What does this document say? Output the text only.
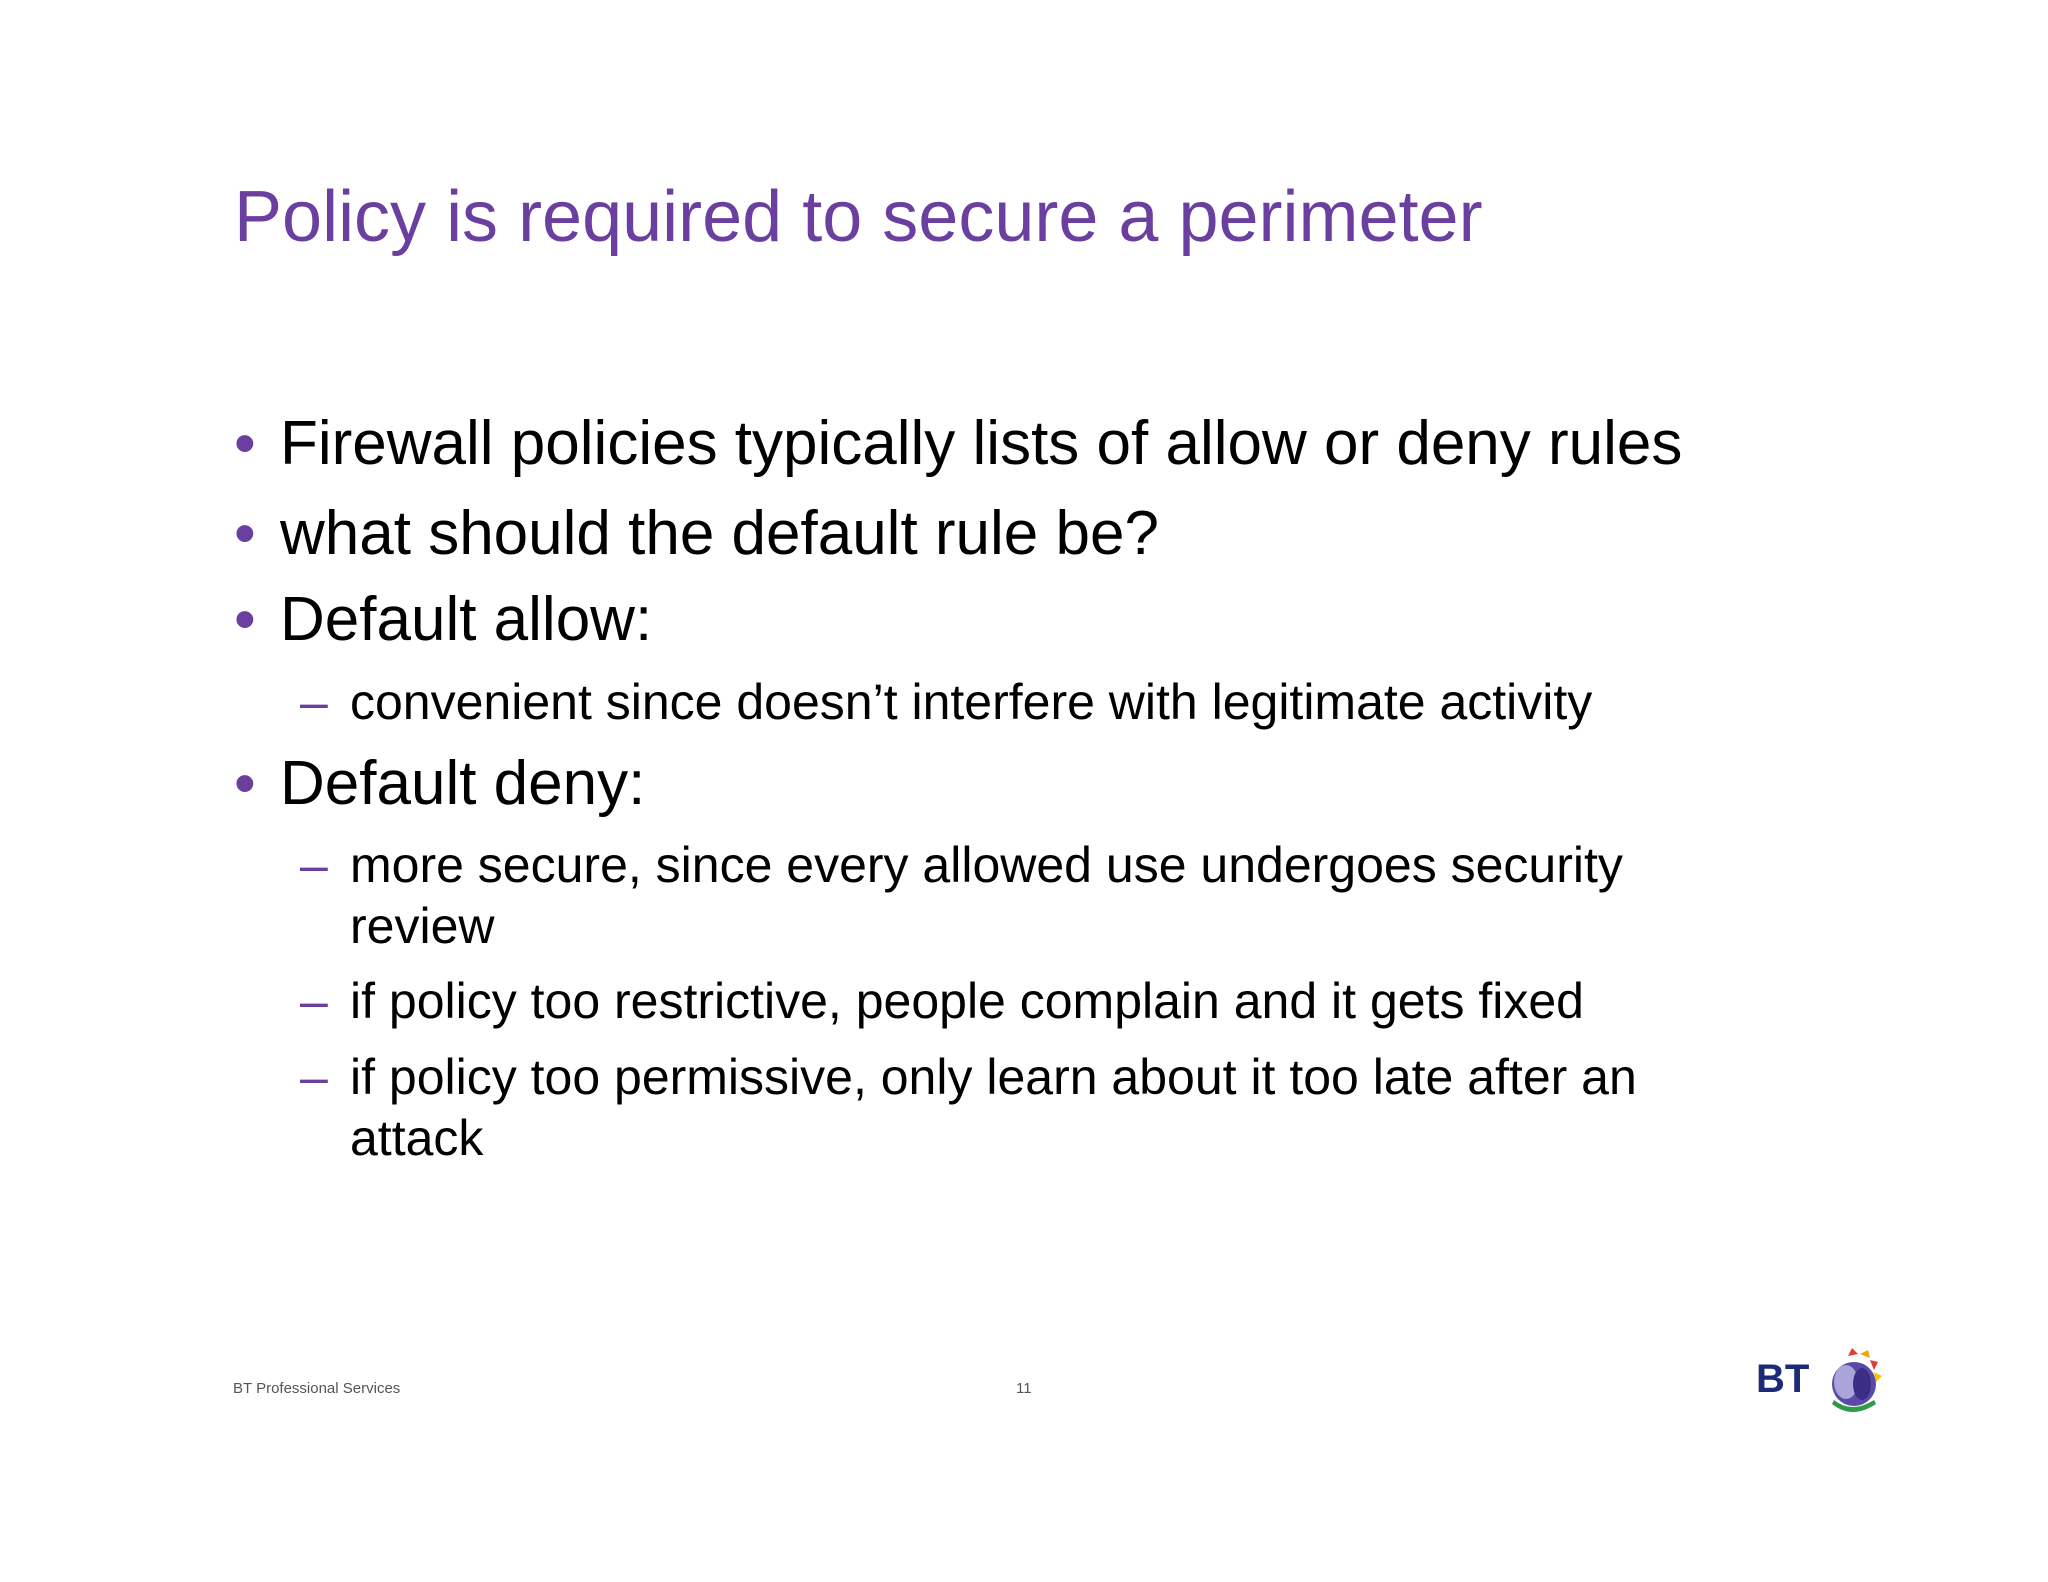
Policy is required to secure a perimeter
• Firewall policies typically lists of allow or deny rules
• what should the default rule be?
• Default allow:
– convenient since doesn’t interfere with legitimate activity
• Default deny:
– more secure, since every allowed use undergoes security
review
– if policy too restrictive, people complain and it gets fixed
– if policy too permissive, only learn about it too late after an
attack
BT Professional Services	11	BT
